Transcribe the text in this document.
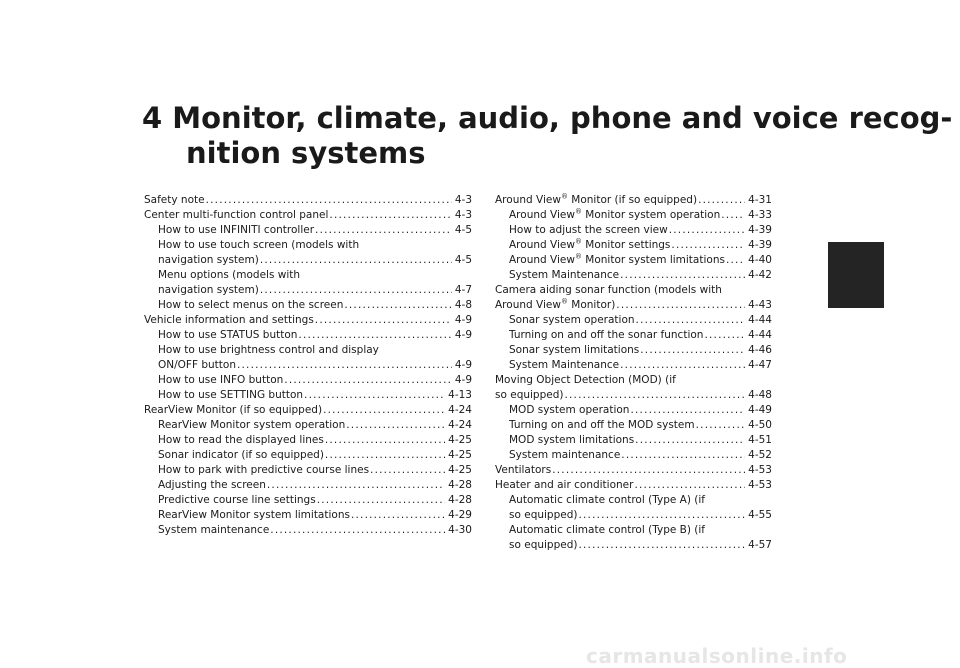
4 Monitor, climate, audio, phone and voice recog-
nition systems
Safety note .....	4-3
Center multi-function control panel .....	4-3
How to use INFINITI controller .....	4-5
How to use touch screen (models with
navigation system) .....	4-5
Menu options (models with
navigation system) .....	4-7
How to select menus on the screen .....	4-8
Vehicle information and settings .....	4-9
How to use STATUS button .....	4-9
How to use brightness control and display
ON/OFF button .....	4-9
How to use INFO button .....	4-9
How to use SETTING button .....	4-13
RearView Monitor (if so equipped) .....	4-24
RearView Monitor system operation .....	4-24
How to read the displayed lines .....	4-25
Sonar indicator (if so equipped) .....	4-25
How to park with predictive course lines .....	4-25
Adjusting the screen .....	4-28
Predictive course line settings .....	4-28
RearView Monitor system limitations .....	4-29
System maintenance .....	4-30
Around View® Monitor (if so equipped) .....	4-31
Around View® Monitor system operation .....	4-33
How to adjust the screen view .....	4-39
Around View® Monitor settings .....	4-39
Around View® Monitor system limitations ..... 4-40
System Maintenance .....	4-42
Camera aiding sonar function (models with
Around View® Monitor) .....	4-43
Sonar system operation .....	4-44
Turning on and off the sonar function .....	4-44
Sonar system limitations .....	4-46
System Maintenance .....	4-47
Moving Object Detection (MOD) (if
so equipped) .....	4-48
MOD system operation .....	4-49
Turning on and off the MOD system .....	4-50
MOD system limitations .....	4-51
System maintenance .....	4-52
Ventilators .....	4-53
Heater and air conditioner .....	4-53
Automatic climate control (Type A) (if
so equipped) .....	4-55
Automatic climate control (Type B) (if
so equipped) .....	4-57
carmanualsonline.info
